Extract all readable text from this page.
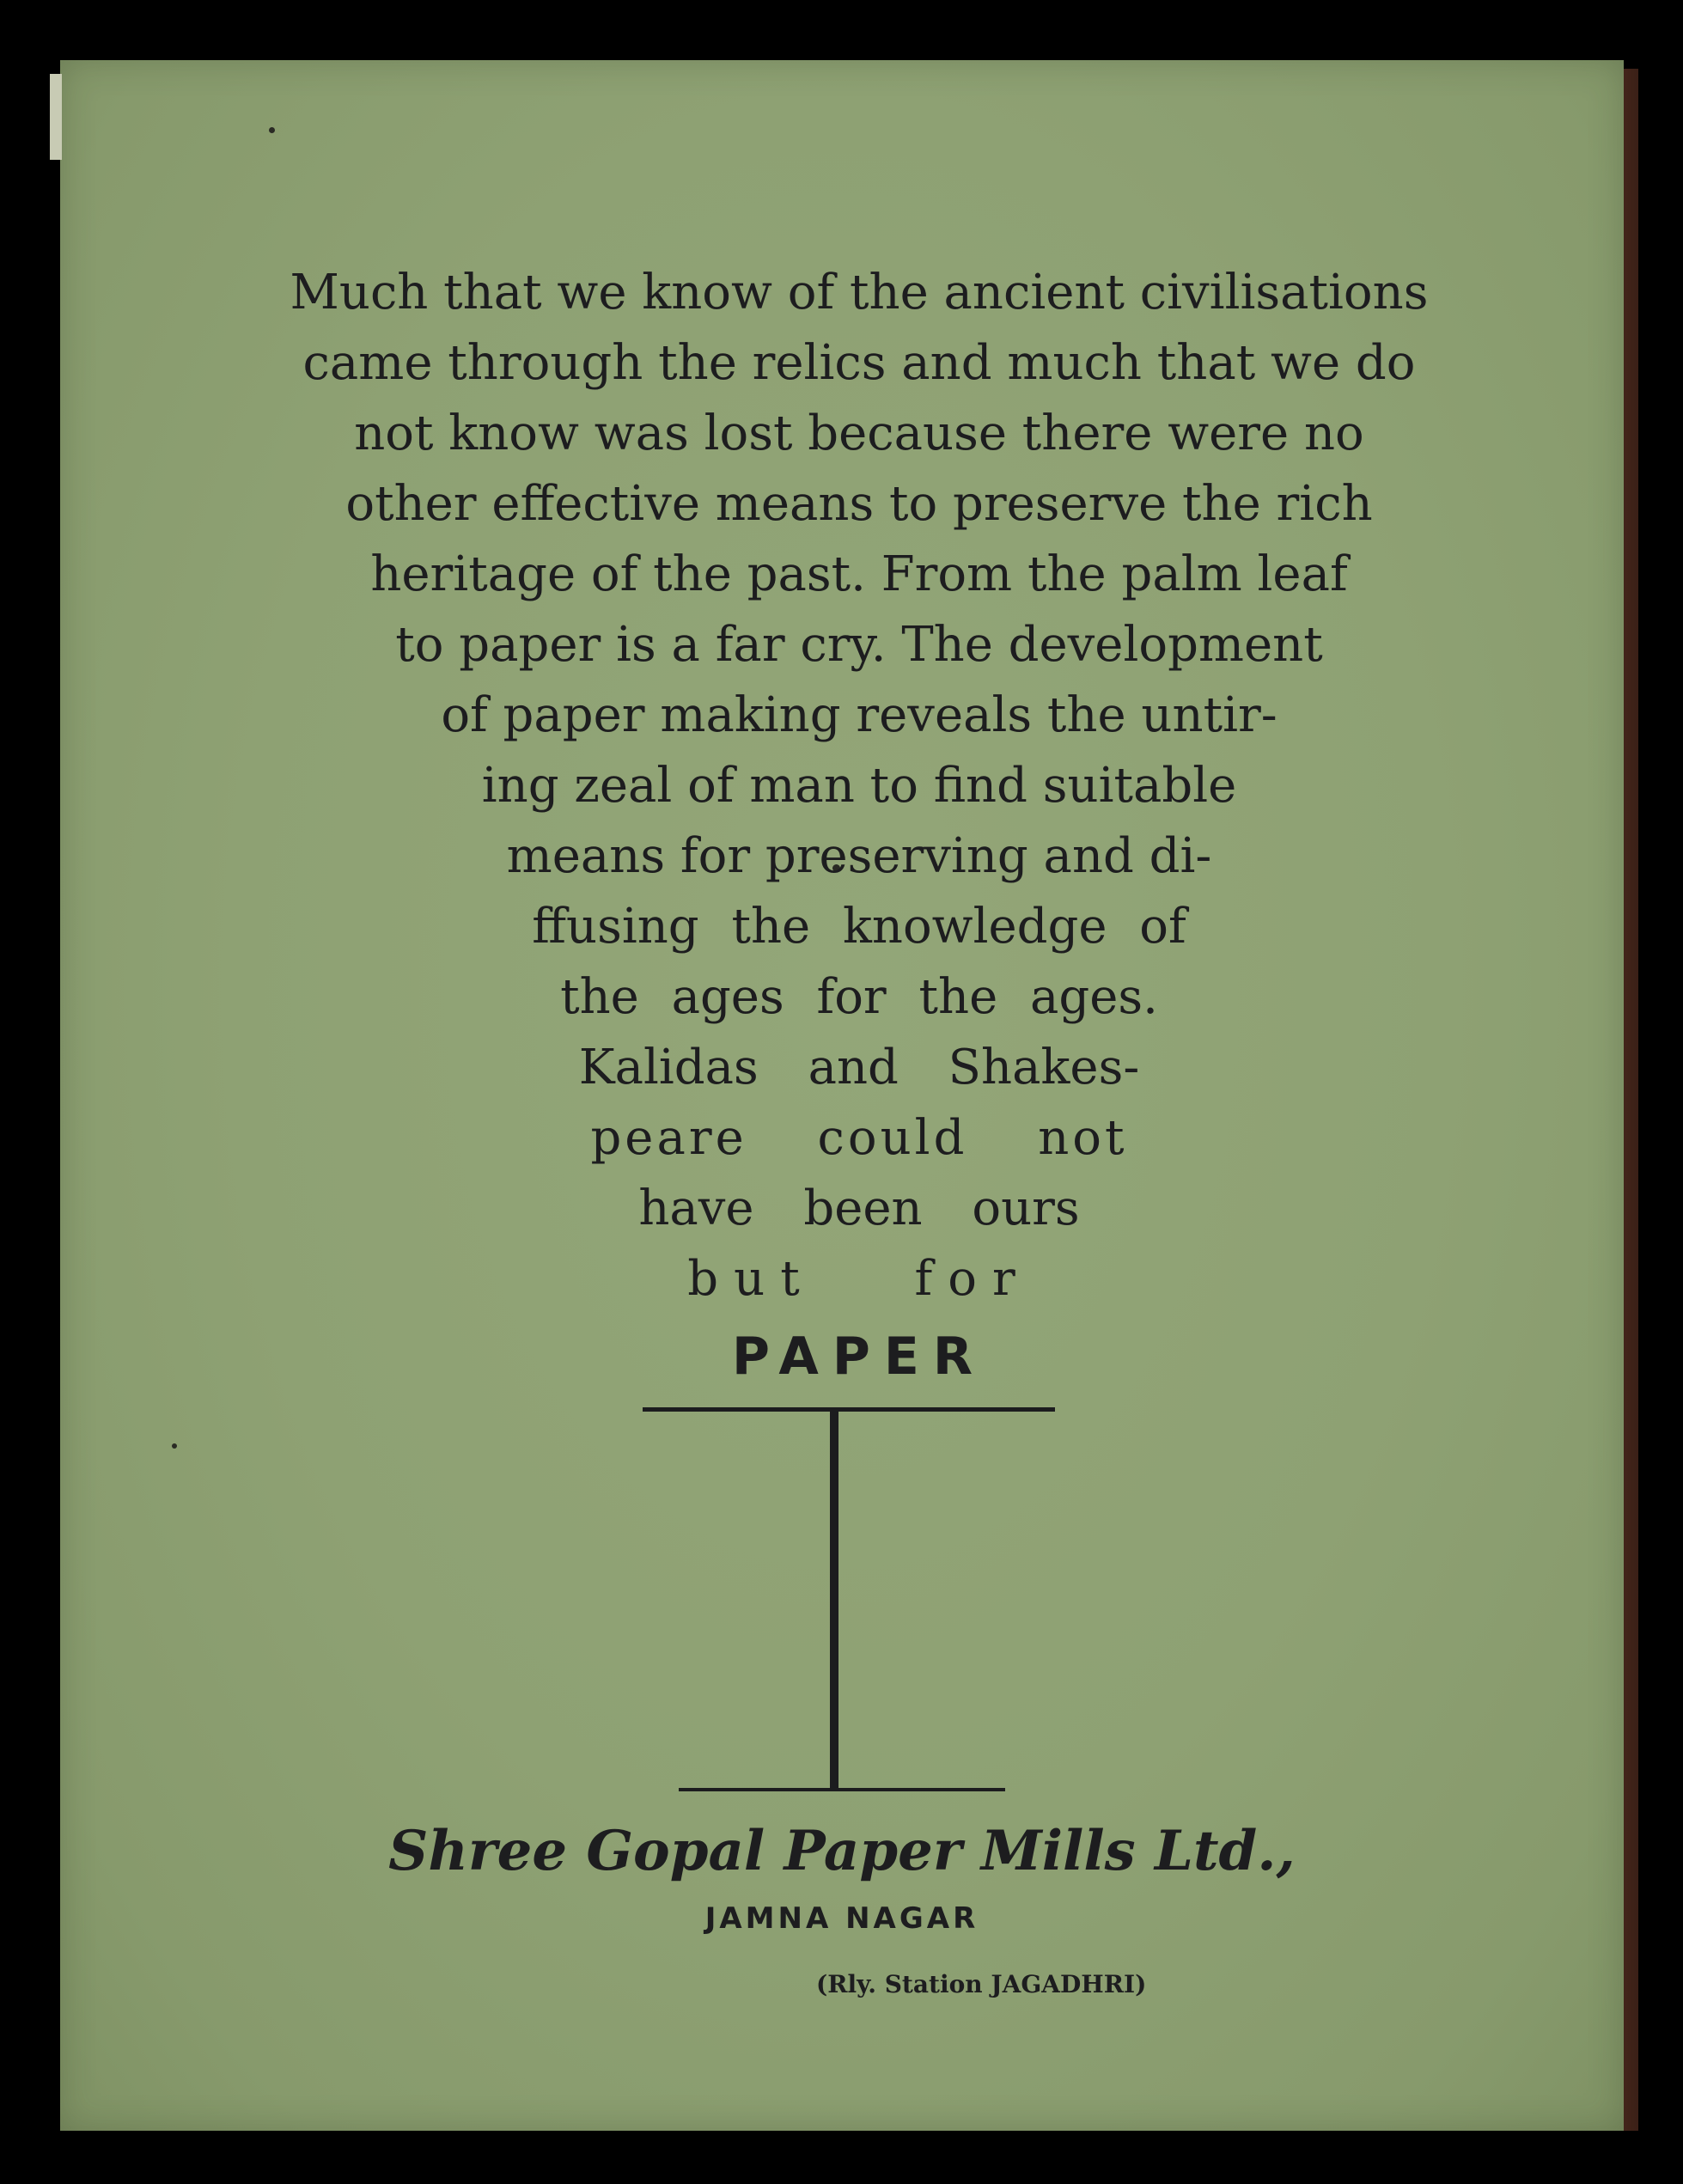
Much that we know of the ancient civilisations

came through the relics and much that we do

not know was lost because there were no

other effective means to preserve the rich

heritage of the past. From the palm leaf

to paper is a far cry. The development

of paper making reveals the untir-

ing zeal of man to find suitable

means for preserving and di-

ffusing the knowledge of

the ages for the ages.

Kalidas and Shakes-

peare could not

have been ours

but for

PAPER

Shree Gopal Paper Mills Ltd.,
JAMNA NAGAR
(Rly. Station JAGADHRI)
